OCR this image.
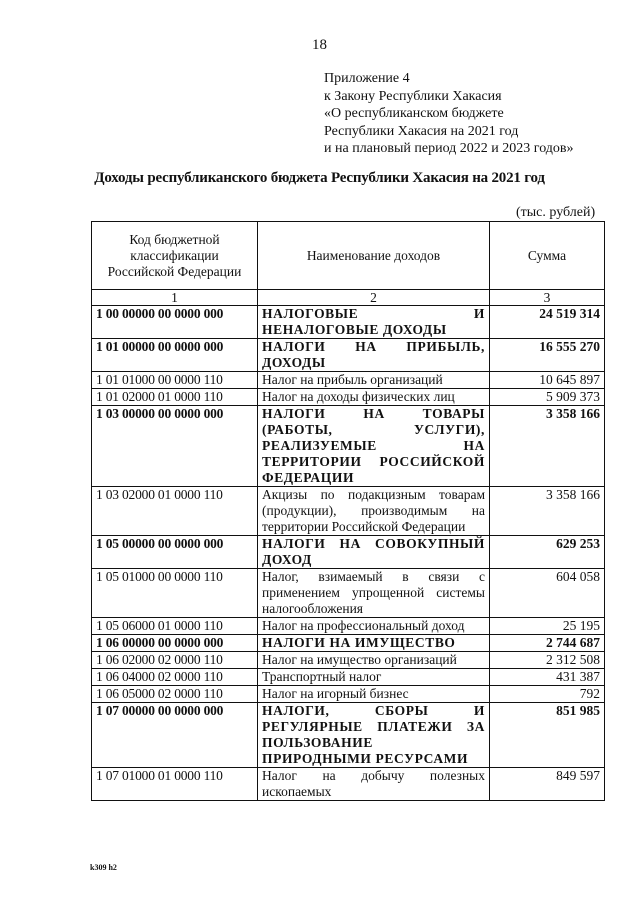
18
Приложение 4
к Закону Республики Хакасия
«О республиканском бюджете
Республики Хакасия на 2021 год
и на плановый период 2022 и 2023 годов»
Доходы республиканского бюджета Республики Хакасия на 2021 год
(тыс. рублей)
Код бюджетной классификации Российской Федерации	Наименование доходов	Сумма
1	2	3
1 00 00000 00 0000 000	НАЛОГОВЫЕ И НЕНАЛОГОВЫЕ ДОХОДЫ	24 519 314
1 01 00000 00 0000 000	НАЛОГИ НА ПРИБЫЛЬ, ДОХОДЫ	16 555 270
1 01 01000 00 0000 110	Налог на прибыль организаций	10 645 897
1 01 02000 01 0000 110	Налог на доходы физических лиц	5 909 373
1 03 00000 00 0000 000	НАЛОГИ НА ТОВАРЫ (РАБОТЫ, УСЛУГИ), РЕАЛИЗУЕМЫЕ НА ТЕРРИТОРИИ РОССИЙСКОЙ ФЕДЕРАЦИИ	3 358 166
1 03 02000 01 0000 110	Акцизы по подакцизным товарам (продукции), производимым на территории Российской Федерации	3 358 166
1 05 00000 00 0000 000	НАЛОГИ НА СОВОКУПНЫЙ ДОХОД	629 253
1 05 01000 00 0000 110	Налог, взимаемый в связи с применением упрощенной системы налогообложения	604 058
1 05 06000 01 0000 110	Налог на профессиональный доход	25 195
1 06 00000 00 0000 000	НАЛОГИ НА ИМУЩЕСТВО	2 744 687
1 06 02000 02 0000 110	Налог на имущество организаций	2 312 508
1 06 04000 02 0000 110	Транспортный налог	431 387
1 06 05000 02 0000 110	Налог на игорный бизнес	792
1 07 00000 00 0000 000	НАЛОГИ, СБОРЫ И РЕГУЛЯРНЫЕ ПЛАТЕЖИ ЗА ПОЛЬЗОВАНИЕ ПРИРОДНЫМИ РЕСУРСАМИ	851 985
1 07 01000 01 0000 110	Налог на добычу полезных ископаемых	849 597
k309 h2
